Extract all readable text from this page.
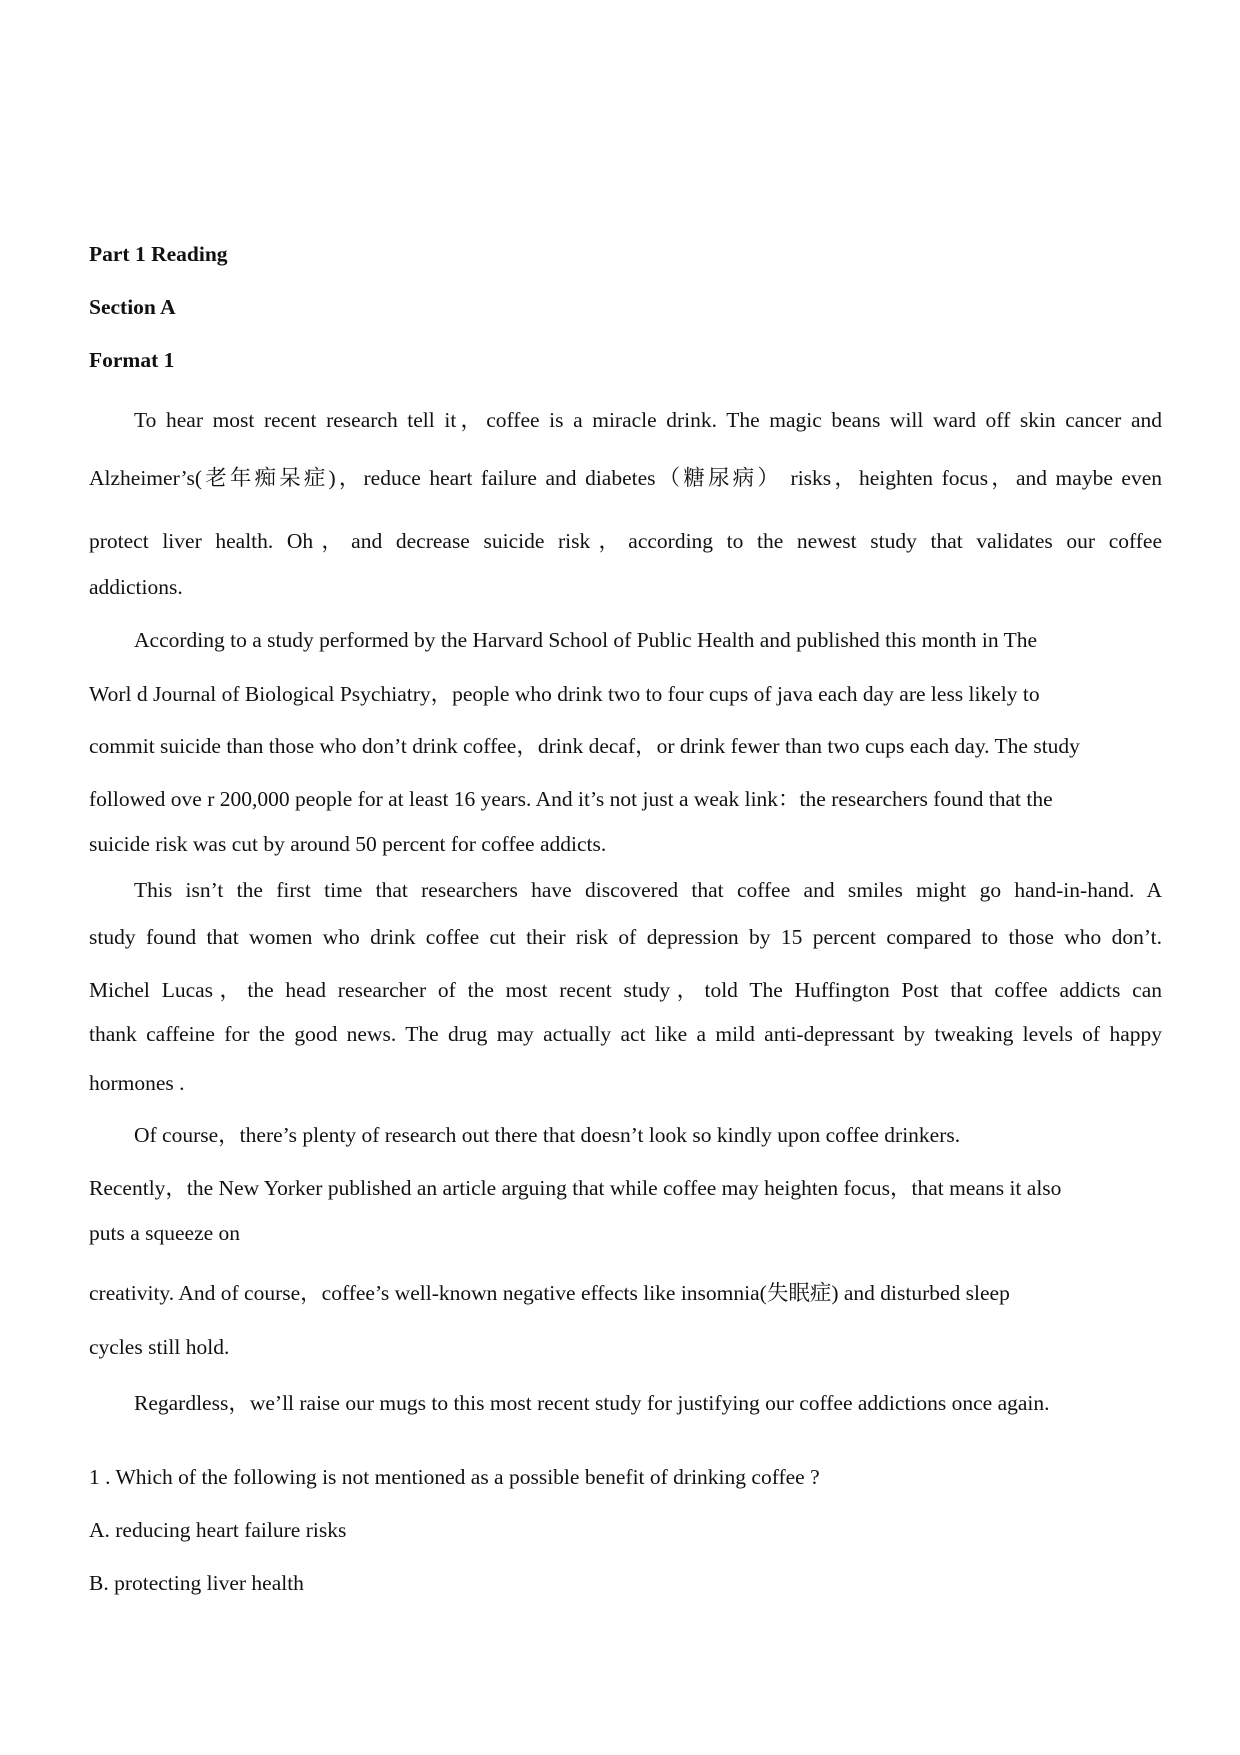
Part 1 Reading

Section A

Format 1

To hear most recent research tell it，coffee is a miracle drink. The magic beans will ward off skin cancer and
Alzheimer’s(老年痴呆症)，reduce heart failure and diabetes（糖尿病） risks，heighten focus，and maybe even
protect liver health. Oh，and decrease suicide risk，according to the newest study that validates our coffee
addictions.
According to a study performed by the Harvard School of Public Health and published this month in The
Worl d Journal of Biological Psychiatry，people who drink two to four cups of java each day are less likely to
commit suicide than those who don’t drink coffee，drink decaf，or drink fewer than two cups each day. The study
followed ove r 200,000 people for at least 16 years. And it’s not just a weak link：the researchers found that the
suicide risk was cut by around 50 percent for coffee addicts.
This isn’t the first time that researchers have discovered that coffee and smiles might go hand-in-hand. A
study found that women who drink coffee cut their risk of depression by 15 percent compared to those who don’t.
Michel Lucas，the head researcher of the most recent study，told The Huffington Post that coffee addicts can
thank caffeine for the good news. The drug may actually act like a mild anti-depressant by tweaking levels of happy
hormones .
Of course，there’s plenty of research out there that doesn’t look so kindly upon coffee drinkers.
Recently，the New Yorker published an article arguing that while coffee may heighten focus，that means it also
puts a squeeze on
creativity. And of course，coffee’s well-known negative effects like insomnia(失眠症) and disturbed sleep
cycles still hold.
Regardless，we’ll raise our mugs to this most recent study for justifying our coffee addictions once again.
1 . Which of the following is not mentioned as a possible benefit of drinking coffee ?
A. reducing heart failure risks
B. protecting liver health
